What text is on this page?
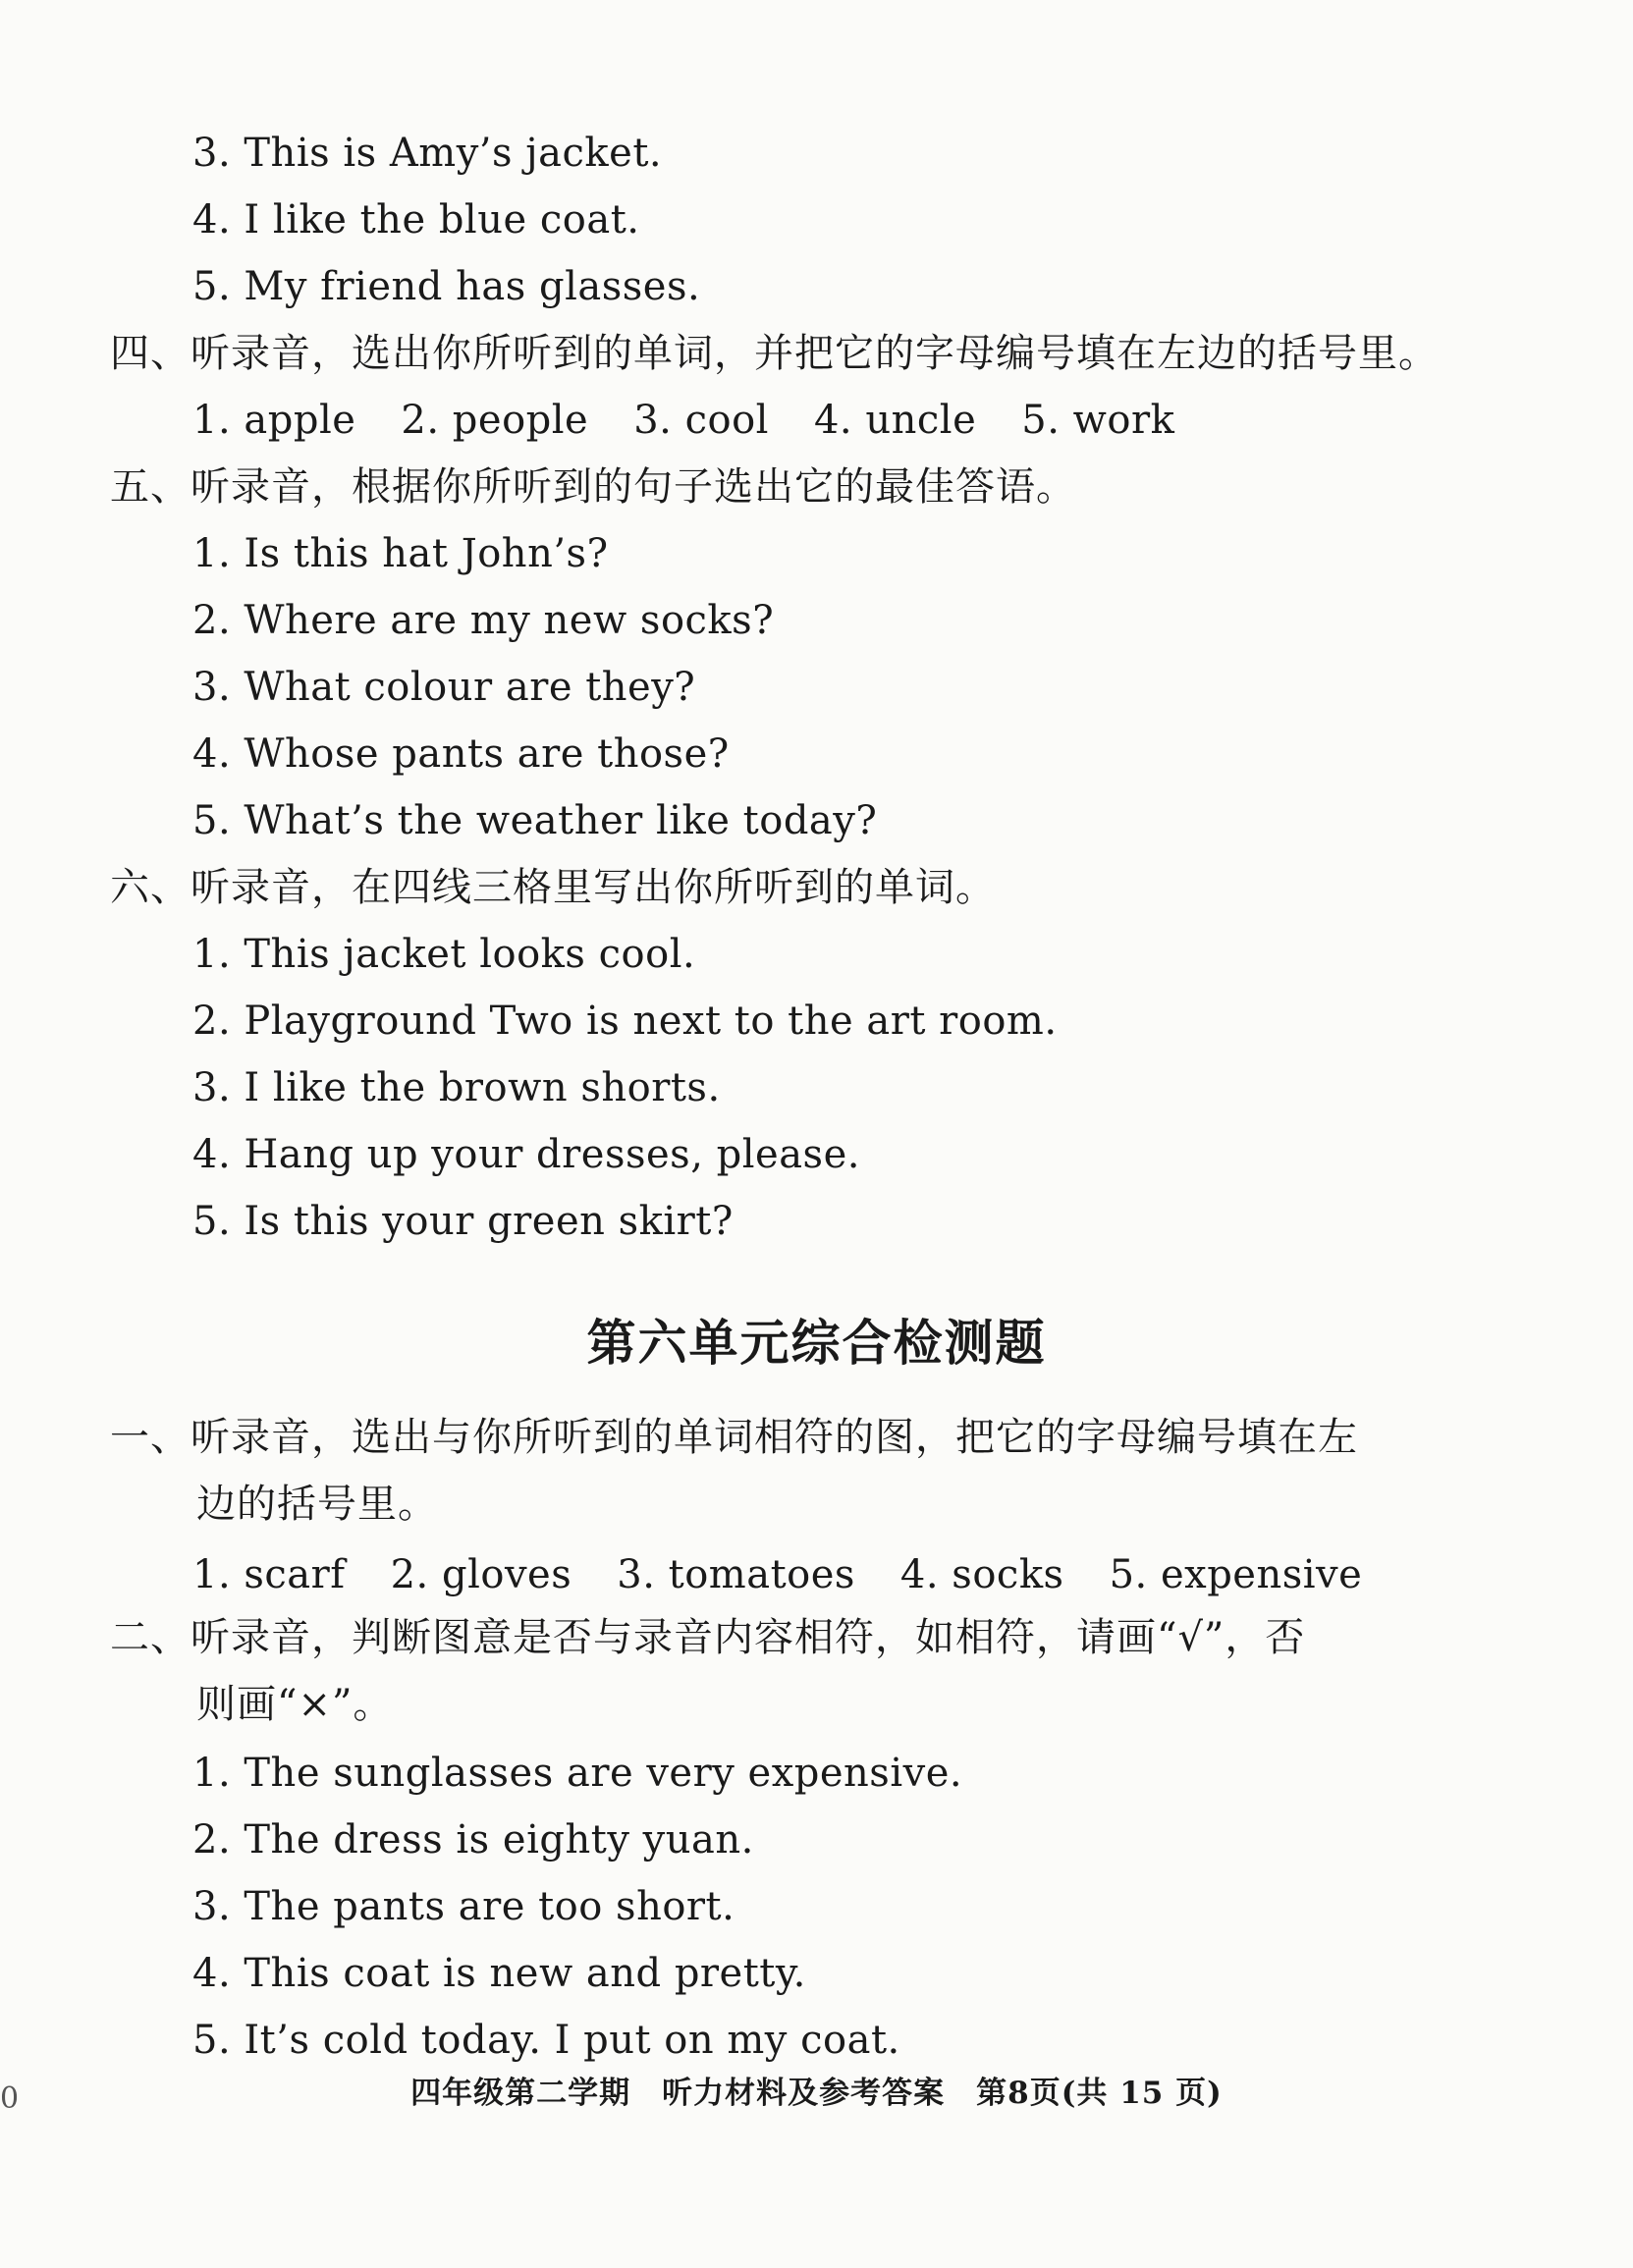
3. This is Amy’s jacket.
4. I like the blue coat.
5. My friend has glasses.
四、听录音，选出你所听到的单词，并把它的字母编号填在左边的括号里。
1. apple 2. people 3. cool 4. uncle 5. work
五、听录音，根据你所听到的句子选出它的最佳答语。
1. Is this hat John’s?
2. Where are my new socks?
3. What colour are they?
4. Whose pants are those?
5. What’s the weather like today?
六、听录音，在四线三格里写出你所听到的单词。
1. This jacket looks cool.
2. Playground Two is next to the art room.
3. I like the brown shorts.
4. Hang up your dresses, please.
5. Is this your green skirt?
第六单元综合检测题
一、听录音，选出与你所听到的单词相符的图，把它的字母编号填在左
边的括号里。
1. scarf 2. gloves 3. tomatoes 4. socks 5. expensive
二、听录音，判断图意是否与录音内容相符，如相符，请画“√”，否
则画“×”。
1. The sunglasses are very expensive.
2. The dress is eighty yuan.
3. The pants are too short.
4. This coat is new and pretty.
5. It’s cold today. I put on my coat.
四年级第二学期　听力材料及参考答案　第8页(共 15 页)
0
